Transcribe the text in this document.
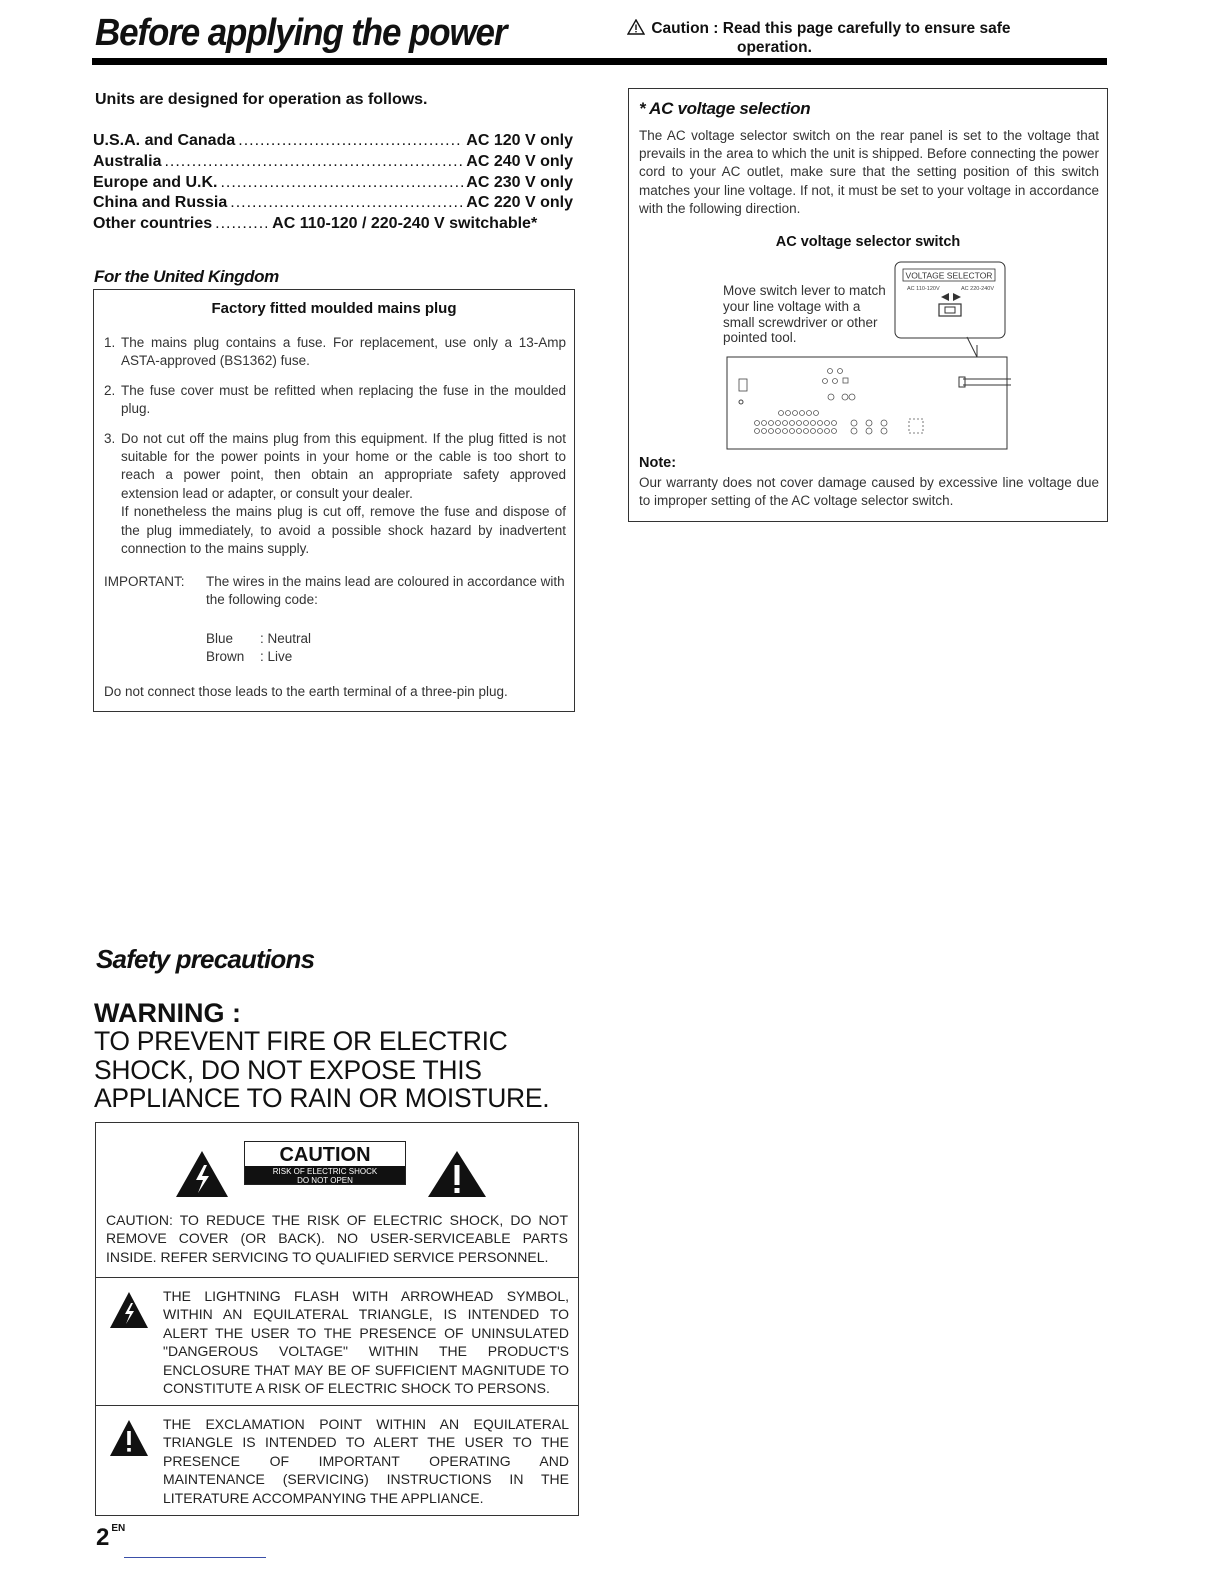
Before applying the power	Caution : Read this page carefully to ensure safe
operation.
Units are designed for operation as follows.
U.S.A. and Canada .....	AC 120 V only
Australia .....	AC 240 V only
Europe and U.K. .....	AC 230 V only
China and Russia .....	AC 220 V only
Other countries .....	AC 110-120 / 220-240 V switchable*
For the United Kingdom
Factory fitted moulded mains plug
1. The mains plug contains a fuse. For replacement, use only a 13-Amp ASTA-approved (BS1362) fuse.
2. The fuse cover must be refitted when replacing the fuse in the moulded plug.
3. Do not cut off the mains plug from this equipment. If the plug fitted is not suitable for the power points in your home or the cable is too short to reach a power point, then obtain an appropriate safety approved extension lead or adapter, or consult your dealer.
If nonetheless the mains plug is cut off, remove the fuse and dispose of the plug immediately, to avoid a possible shock hazard by inadvertent connection to the mains supply.
IMPORTANT:	The wires in the mains lead are coloured in accordance with the following code:
Blue : Neutral
Brown : Live
Do not connect those leads to the earth terminal of a three-pin plug.
* AC voltage selection
The AC voltage selector switch on the rear panel is set to the voltage that prevails in the area to which the unit is shipped. Before connecting the power cord to your AC outlet, make sure that the setting position of this switch matches your line voltage. If not, it must be set to your voltage in accordance with the following direction.
AC voltage selector switch
Move switch lever to match your line voltage with a small screwdriver or other pointed tool.
VOLTAGE SELECTOR
AC 110-120V	AC 220-240V
Note:
Our warranty does not cover damage caused by excessive line voltage due to improper setting of the AC voltage selector switch.
Safety precautions
WARNING :
TO PREVENT FIRE OR ELECTRIC SHOCK, DO NOT EXPOSE THIS APPLIANCE TO RAIN OR MOISTURE.
CAUTION
RISK OF ELECTRIC SHOCK
DO NOT OPEN
CAUTION: TO REDUCE THE RISK OF ELECTRIC SHOCK, DO NOT REMOVE COVER (OR BACK). NO USER-SERVICEABLE PARTS INSIDE. REFER SERVICING TO QUALIFIED SERVICE PERSONNEL.
THE LIGHTNING FLASH WITH ARROWHEAD SYMBOL, WITHIN AN EQUILATERAL TRIANGLE, IS INTENDED TO ALERT THE USER TO THE PRESENCE OF UNINSULATED "DANGEROUS VOLTAGE" WITHIN THE PRODUCT'S ENCLOSURE THAT MAY BE OF SUFFICIENT MAGNITUDE TO CONSTITUTE A RISK OF ELECTRIC SHOCK TO PERSONS.
THE EXCLAMATION POINT WITHIN AN EQUILATERAL TRIANGLE IS INTENDED TO ALERT THE USER TO THE PRESENCE OF IMPORTANT OPERATING AND MAINTENANCE (SERVICING) INSTRUCTIONS IN THE LITERATURE ACCOMPANYING THE APPLIANCE.
2 $^{EN}$
